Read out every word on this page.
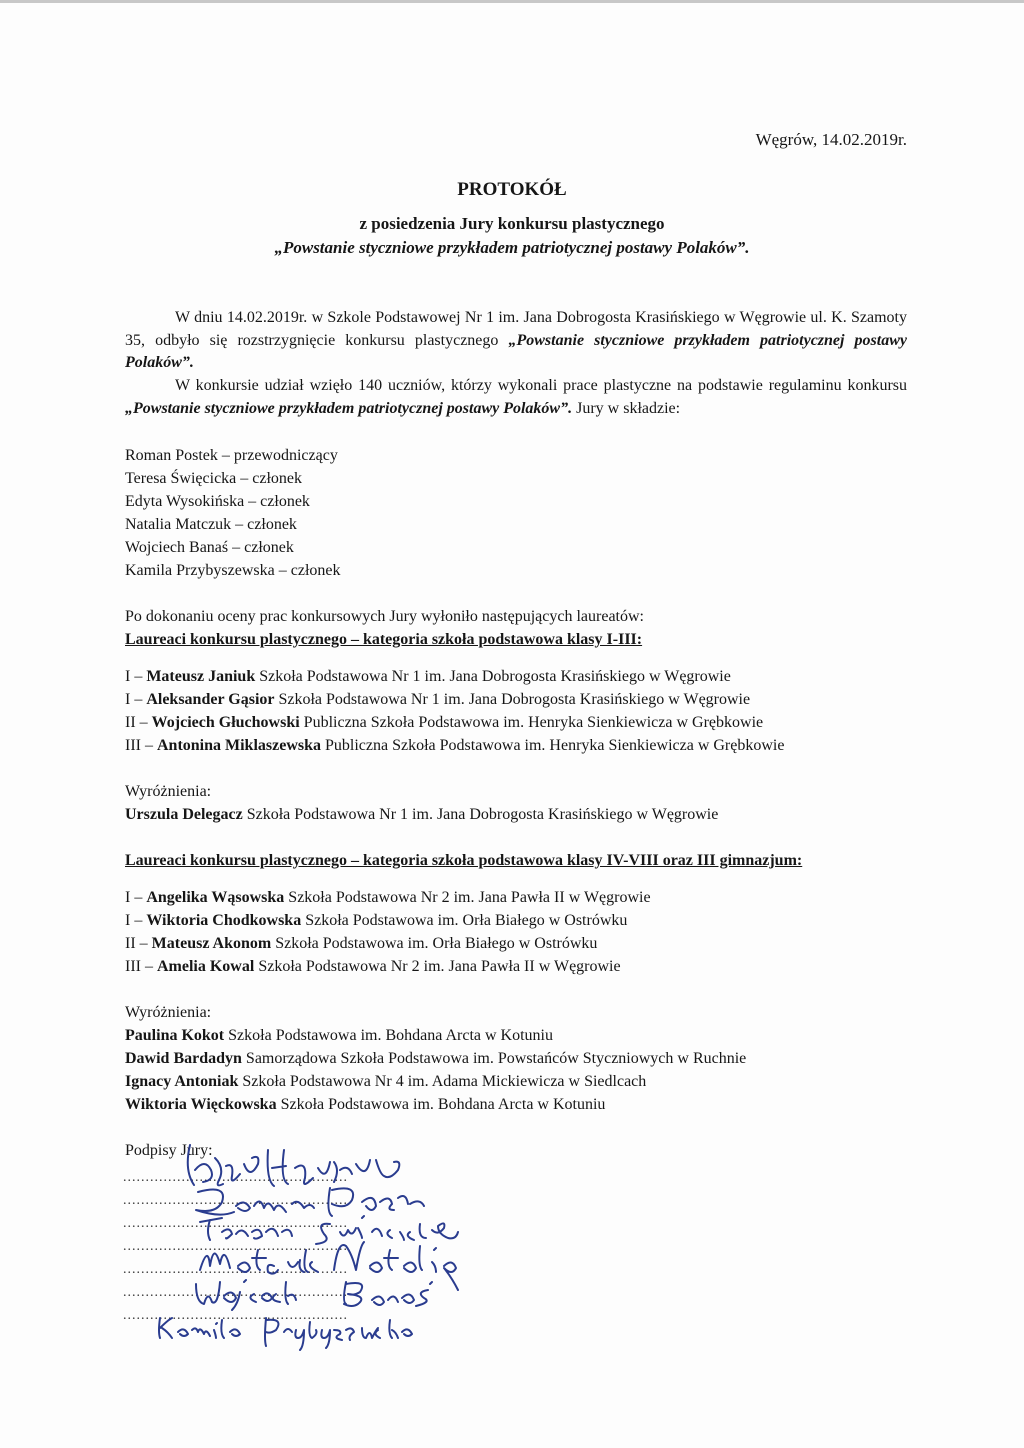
Węgrów, 14.02.2019r.
PROTOKÓŁ
z posiedzenia Jury konkursu plastycznego
„Powstanie styczniowe przykładem patriotycznej postawy Polaków”.
W dniu 14.02.2019r. w Szkole Podstawowej Nr 1 im. Jana Dobrogosta Krasińskiego w Węgrowie ul. K. Szamoty 35, odbyło się rozstrzygnięcie konkursu plastycznego „Powstanie styczniowe przykładem patriotycznej postawy Polaków”.
W konkursie udział wzięło 140 uczniów, którzy wykonali prace plastyczne na podstawie regulaminu konkursu „Powstanie styczniowe przykładem patriotycznej postawy Polaków”. Jury w składzie:
Roman Postek – przewodniczący
Teresa Święcicka – członek
Edyta Wysokińska – członek
Natalia Matczuk – członek
Wojciech Banaś – członek
Kamila Przybyszewska – członek
Po dokonaniu oceny prac konkursowych Jury wyłoniło następujących laureatów:
Laureaci konkursu plastycznego – kategoria szkoła podstawowa klasy I-III:
I – Mateusz Janiuk Szkoła Podstawowa Nr 1 im. Jana Dobrogosta Krasińskiego w Węgrowie
I – Aleksander Gąsior Szkoła Podstawowa Nr 1 im. Jana Dobrogosta Krasińskiego w Węgrowie
II – Wojciech Głuchowski Publiczna Szkoła Podstawowa im. Henryka Sienkiewicza w Grębkowie
III – Antonina Miklaszewska Publiczna Szkoła Podstawowa im. Henryka Sienkiewicza w Grębkowie
Wyróżnienia:
Urszula Delegacz Szkoła Podstawowa Nr 1 im. Jana Dobrogosta Krasińskiego w Węgrowie
Laureaci konkursu plastycznego – kategoria szkoła podstawowa klasy IV-VIII oraz III gimnazjum:
I – Angelika Wąsowska Szkoła Podstawowa Nr 2 im. Jana Pawła II w Węgrowie
I – Wiktoria Chodkowska Szkoła Podstawowa im. Orła Białego w Ostrówku
II – Mateusz Akonom Szkoła Podstawowa im. Orła Białego w Ostrówku
III – Amelia Kowal Szkoła Podstawowa Nr 2 im. Jana Pawła II w Węgrowie
Wyróżnienia:
Paulina Kokot Szkoła Podstawowa im. Bohdana Arcta w Kotuniu
Dawid Bardadyn Samorządowa Szkoła Podstawowa im. Powstańców Styczniowych w Ruchnie
Ignacy Antoniak Szkoła Podstawowa Nr 4 im. Adama Mickiewicza w Siedlcach
Wiktoria Więckowska Szkoła Podstawowa im. Bohdana Arcta w Kotuniu
Podpisy Jury:
..................................................
..................................................
..................................................
..................................................
..................................................
..................................................
..................................................
